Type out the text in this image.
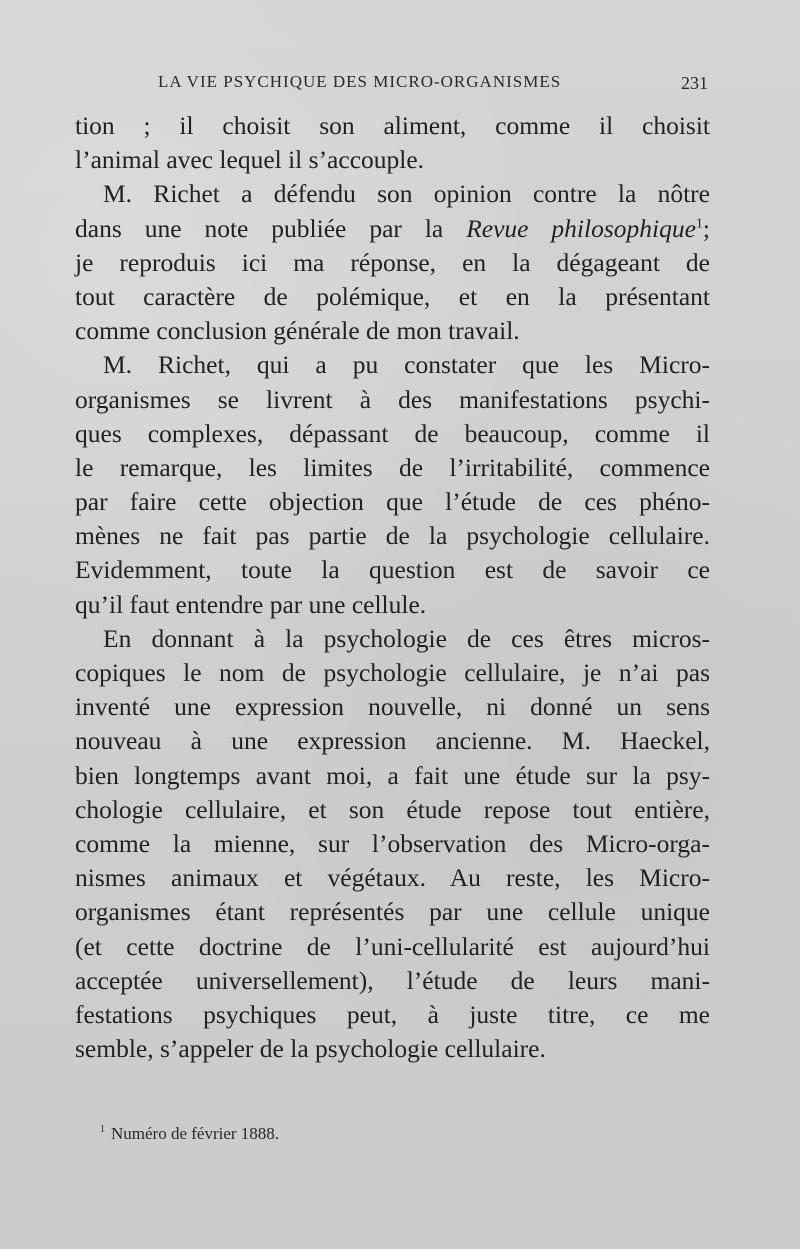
LA VIE PSYCHIQUE DES MICRO-ORGANISMES	231
tion ; il choisit son aliment, comme il choisit
l’animal avec lequel il s’accouple.
M. Richet a défendu son opinion contre la nôtre
dans une note publiée par la Revue philosophique$^1$;
je reproduis ici ma réponse, en la dégageant de
tout caractère de polémique, et en la présentant
comme conclusion générale de mon travail.
M. Richet, qui a pu constater que les Micro-
organismes se livrent à des manifestations psychi-
ques complexes, dépassant de beaucoup, comme il
le remarque, les limites de l’irritabilité, commence
par faire cette objection que l’étude de ces phéno-
mènes ne fait pas partie de la psychologie cellulaire.
Evidemment, toute la question est de savoir ce
qu’il faut entendre par une cellule.
En donnant à la psychologie de ces êtres micros-
copiques le nom de psychologie cellulaire, je n’ai pas
inventé une expression nouvelle, ni donné un sens
nouveau à une expression ancienne. M. Haeckel,
bien longtemps avant moi, a fait une étude sur la psy-
chologie cellulaire, et son étude repose tout entière,
comme la mienne, sur l’observation des Micro-orga-
nismes animaux et végétaux. Au reste, les Micro-
organismes étant représentés par une cellule unique
(et cette doctrine de l’uni-cellularité est aujourd’hui
acceptée universellement), l’étude de leurs mani-
festations psychiques peut, à juste titre, ce me
semble, s’appeler de la psychologie cellulaire.
$^1$ Numéro de février 1888.
